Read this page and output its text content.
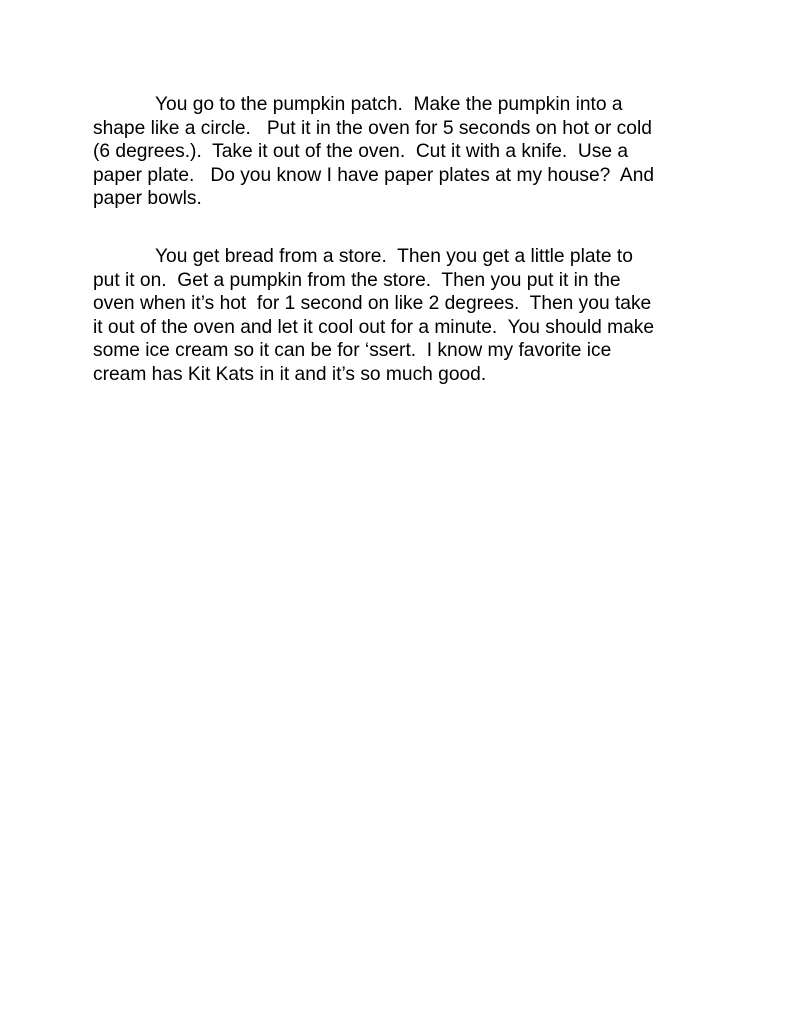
You go to the pumpkin patch.  Make the pumpkin into a
shape like a circle.   Put it in the oven for 5 seconds on hot or cold
(6 degrees.).  Take it out of the oven.  Cut it with a knife.  Use a
paper plate.   Do you know I have paper plates at my house?  And
paper bowls.

You get bread from a store.  Then you get a little plate to
put it on.  Get a pumpkin from the store.  Then you put it in the
oven when it’s hot  for 1 second on like 2 degrees.  Then you take
it out of the oven and let it cool out for a minute.  You should make
some ice cream so it can be for ‘ssert.  I know my favorite ice
cream has Kit Kats in it and it’s so much good.
